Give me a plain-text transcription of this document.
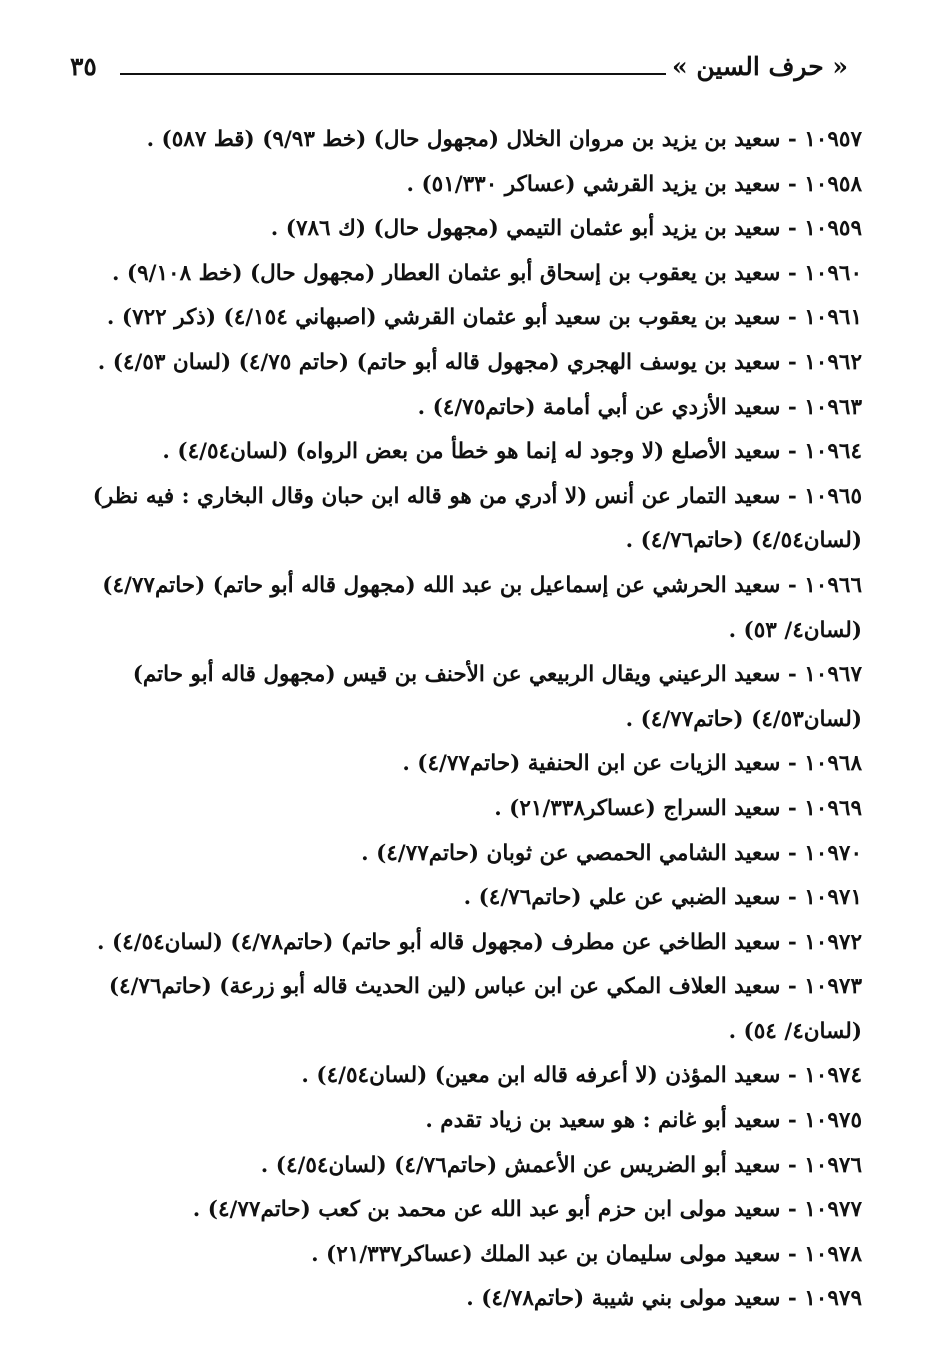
« حرف السين »
٣٥
١٠٩٥٧ - سعيد بن يزيد بن مروان الخلال (مجهول حال) (خط ٩/٩٣) (قط ٥٨٧) .
١٠٩٥٨ - سعيد بن يزيد القرشي (عساكر ٥١/٣٣٠) .
١٠٩٥٩ - سعيد بن يزيد أبو عثمان التيمي (مجهول حال) (ك ٧٨٦) .
١٠٩٦٠ - سعيد بن يعقوب بن إسحاق أبو عثمان العطار (مجهول حال) (خط ٩/١٠٨) .
١٠٩٦١ - سعيد بن يعقوب بن سعيد أبو عثمان القرشي (اصبهاني ٤/١٥٤) (ذكر ٧٢٢) .
١٠٩٦٢ - سعيد بن يوسف الهجري (مجهول قاله أبو حاتم) (حاتم ٤/٧٥) (لسان ٤/٥٣) .
١٠٩٦٣ - سعيد الأزدي عن أبي أمامة (حاتم٤/٧٥) .
١٠٩٦٤ - سعيد الأصلع (لا وجود له إنما هو خطأ من بعض الرواه) (لسان٤/٥٤) .
١٠٩٦٥ - سعيد التمار عن أنس (لا أدري من هو قاله ابن حبان وقال البخاري : فيه نظر) (لسان٤/٥٤) (حاتم٤/٧٦) .
١٠٩٦٦ - سعيد الحرشي عن إسماعيل بن عبد الله (مجهول قاله أبو حاتم) (حاتم٤/٧٧) (لسان٤/ ٥٣) .
١٠٩٦٧ - سعيد الرعيني ويقال الربيعي عن الأحنف بن قيس (مجهول قاله أبو حاتم) (لسان٤/٥٣) (حاتم٤/٧٧) .
١٠٩٦٨ - سعيد الزيات عن ابن الحنفية (حاتم٤/٧٧) .
١٠٩٦٩ - سعيد السراج (عساكر٢١/٣٣٨) .
١٠٩٧٠ - سعيد الشامي الحمصي عن ثوبان (حاتم٤/٧٧) .
١٠٩٧١ - سعيد الضبي عن علي (حاتم٤/٧٦) .
١٠٩٧٢ - سعيد الطاخي عن مطرف (مجهول قاله أبو حاتم) (حاتم٤/٧٨) (لسان٤/٥٤) .
١٠٩٧٣ - سعيد العلاف المكي عن ابن عباس (لين الحديث قاله أبو زرعة) (حاتم٤/٧٦) (لسان٤/ ٥٤) .
١٠٩٧٤ - سعيد المؤذن (لا أعرفه قاله ابن معين) (لسان٤/٥٤) .
١٠٩٧٥ - سعيد أبو غانم : هو سعيد بن زياد تقدم .
١٠٩٧٦ - سعيد أبو الضريس عن الأعمش (حاتم٤/٧٦) (لسان٤/٥٤) .
١٠٩٧٧ - سعيد مولى ابن حزم أبو عبد الله عن محمد بن كعب (حاتم٤/٧٧) .
١٠٩٧٨ - سعيد مولى سليمان بن عبد الملك (عساكر٢١/٣٣٧) .
١٠٩٧٩ - سعيد مولى بني شيبة (حاتم٤/٧٨) .
